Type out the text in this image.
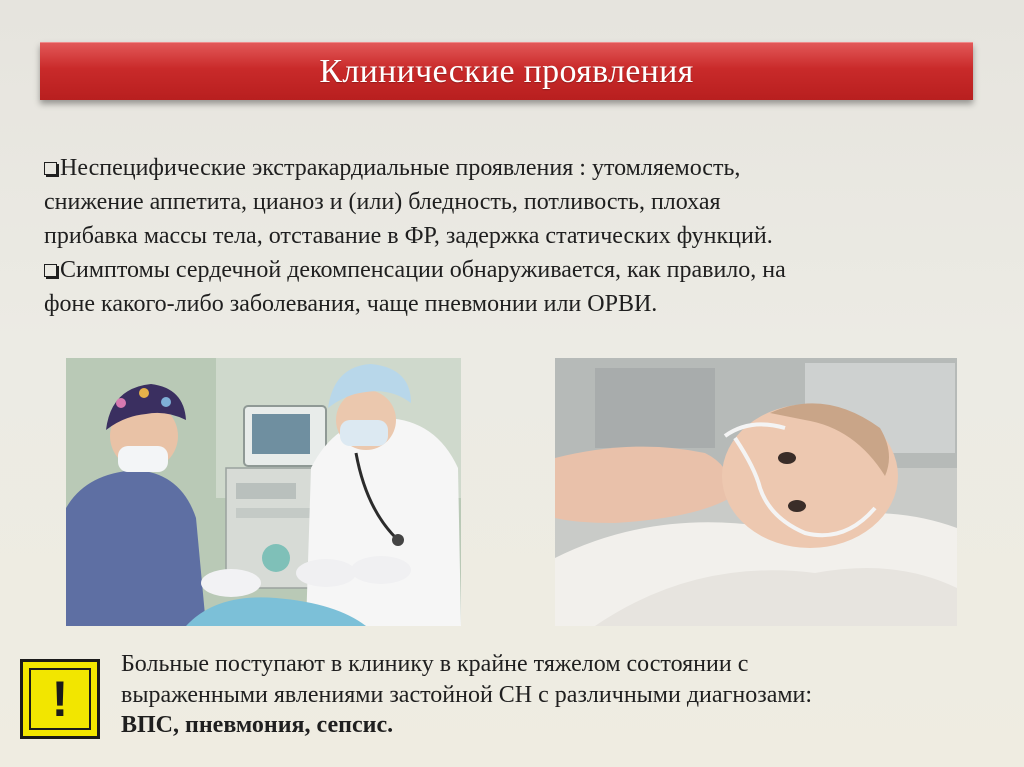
Клинические проявления
Неспецифические экстракардиальные проявления : утомляемость,
снижение аппетита, цианоз и (или) бледность, потливость, плохая
прибавка массы тела, отставание в ФР, задержка статических функций.
Симптомы сердечной декомпенсации обнаруживается, как правило, на
фоне какого-либо заболевания, чаще пневмонии или ОРВИ.
!
Больные поступают в клинику в крайне тяжелом состоянии с
выраженными явлениями застойной СН с различными диагнозами:
ВПС, пневмония, сепсис.
